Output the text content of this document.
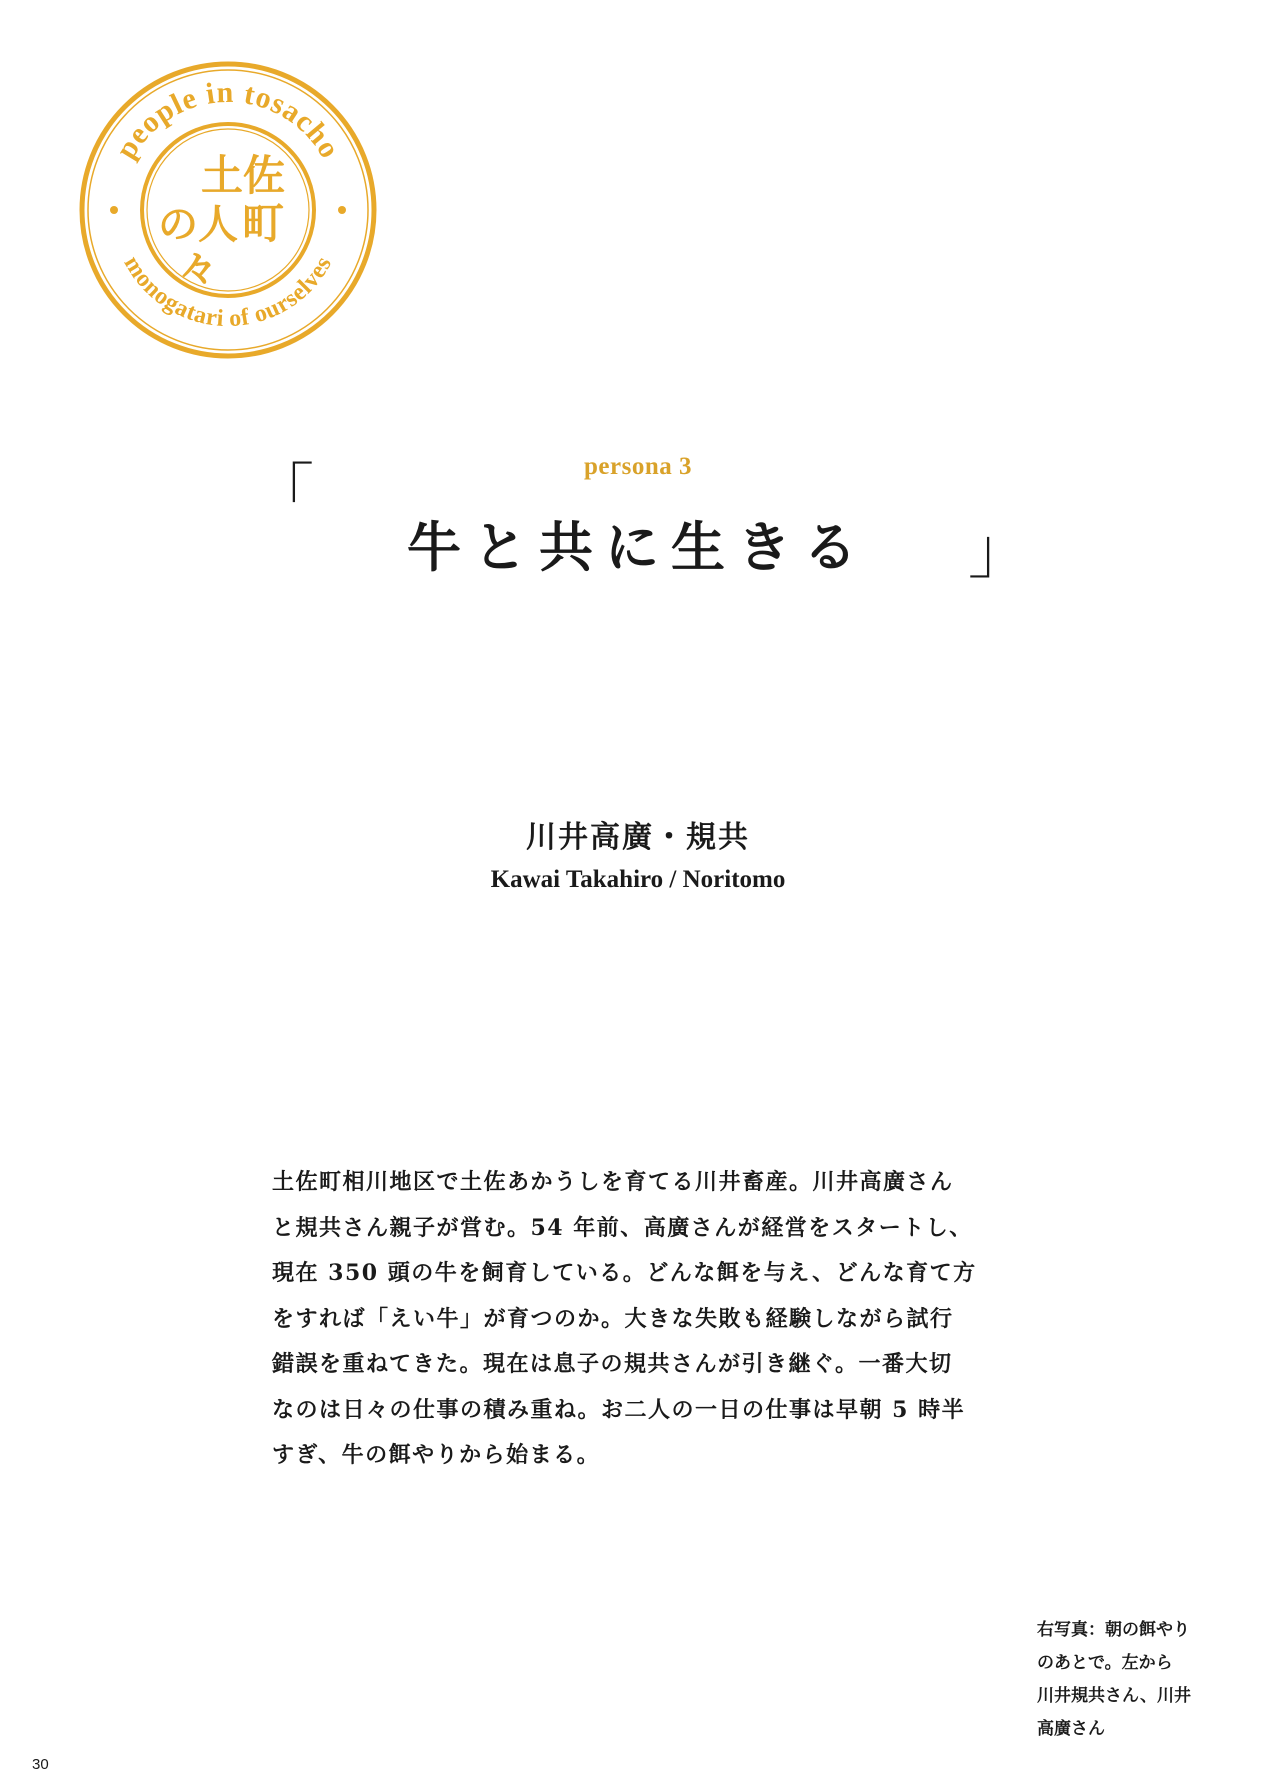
people in tosacho
monogatari of ourselves
土佐
町
の人
々
persona 3
「
」
牛と共に生きる
川井高廣・規共
Kawai Takahiro / Noritomo
土佐町相川地区で土佐あかうしを育てる川井畜産。川井高廣さん
と規共さん親子が営む。54 年前、高廣さんが経営をスタートし、
現在 350 頭の牛を飼育している。どんな餌を与え、どんな育て方
をすれば「えい牛」が育つのか。大きな失敗も経験しながら試行
錯誤を重ねてきた。現在は息子の規共さんが引き継ぐ。一番大切
なのは日々の仕事の積み重ね。お二人の一日の仕事は早朝 5 時半
すぎ、牛の餌やりから始まる。
右写真：朝の餌やり
のあとで。左から
川井規共さん、川井
高廣さん
30
